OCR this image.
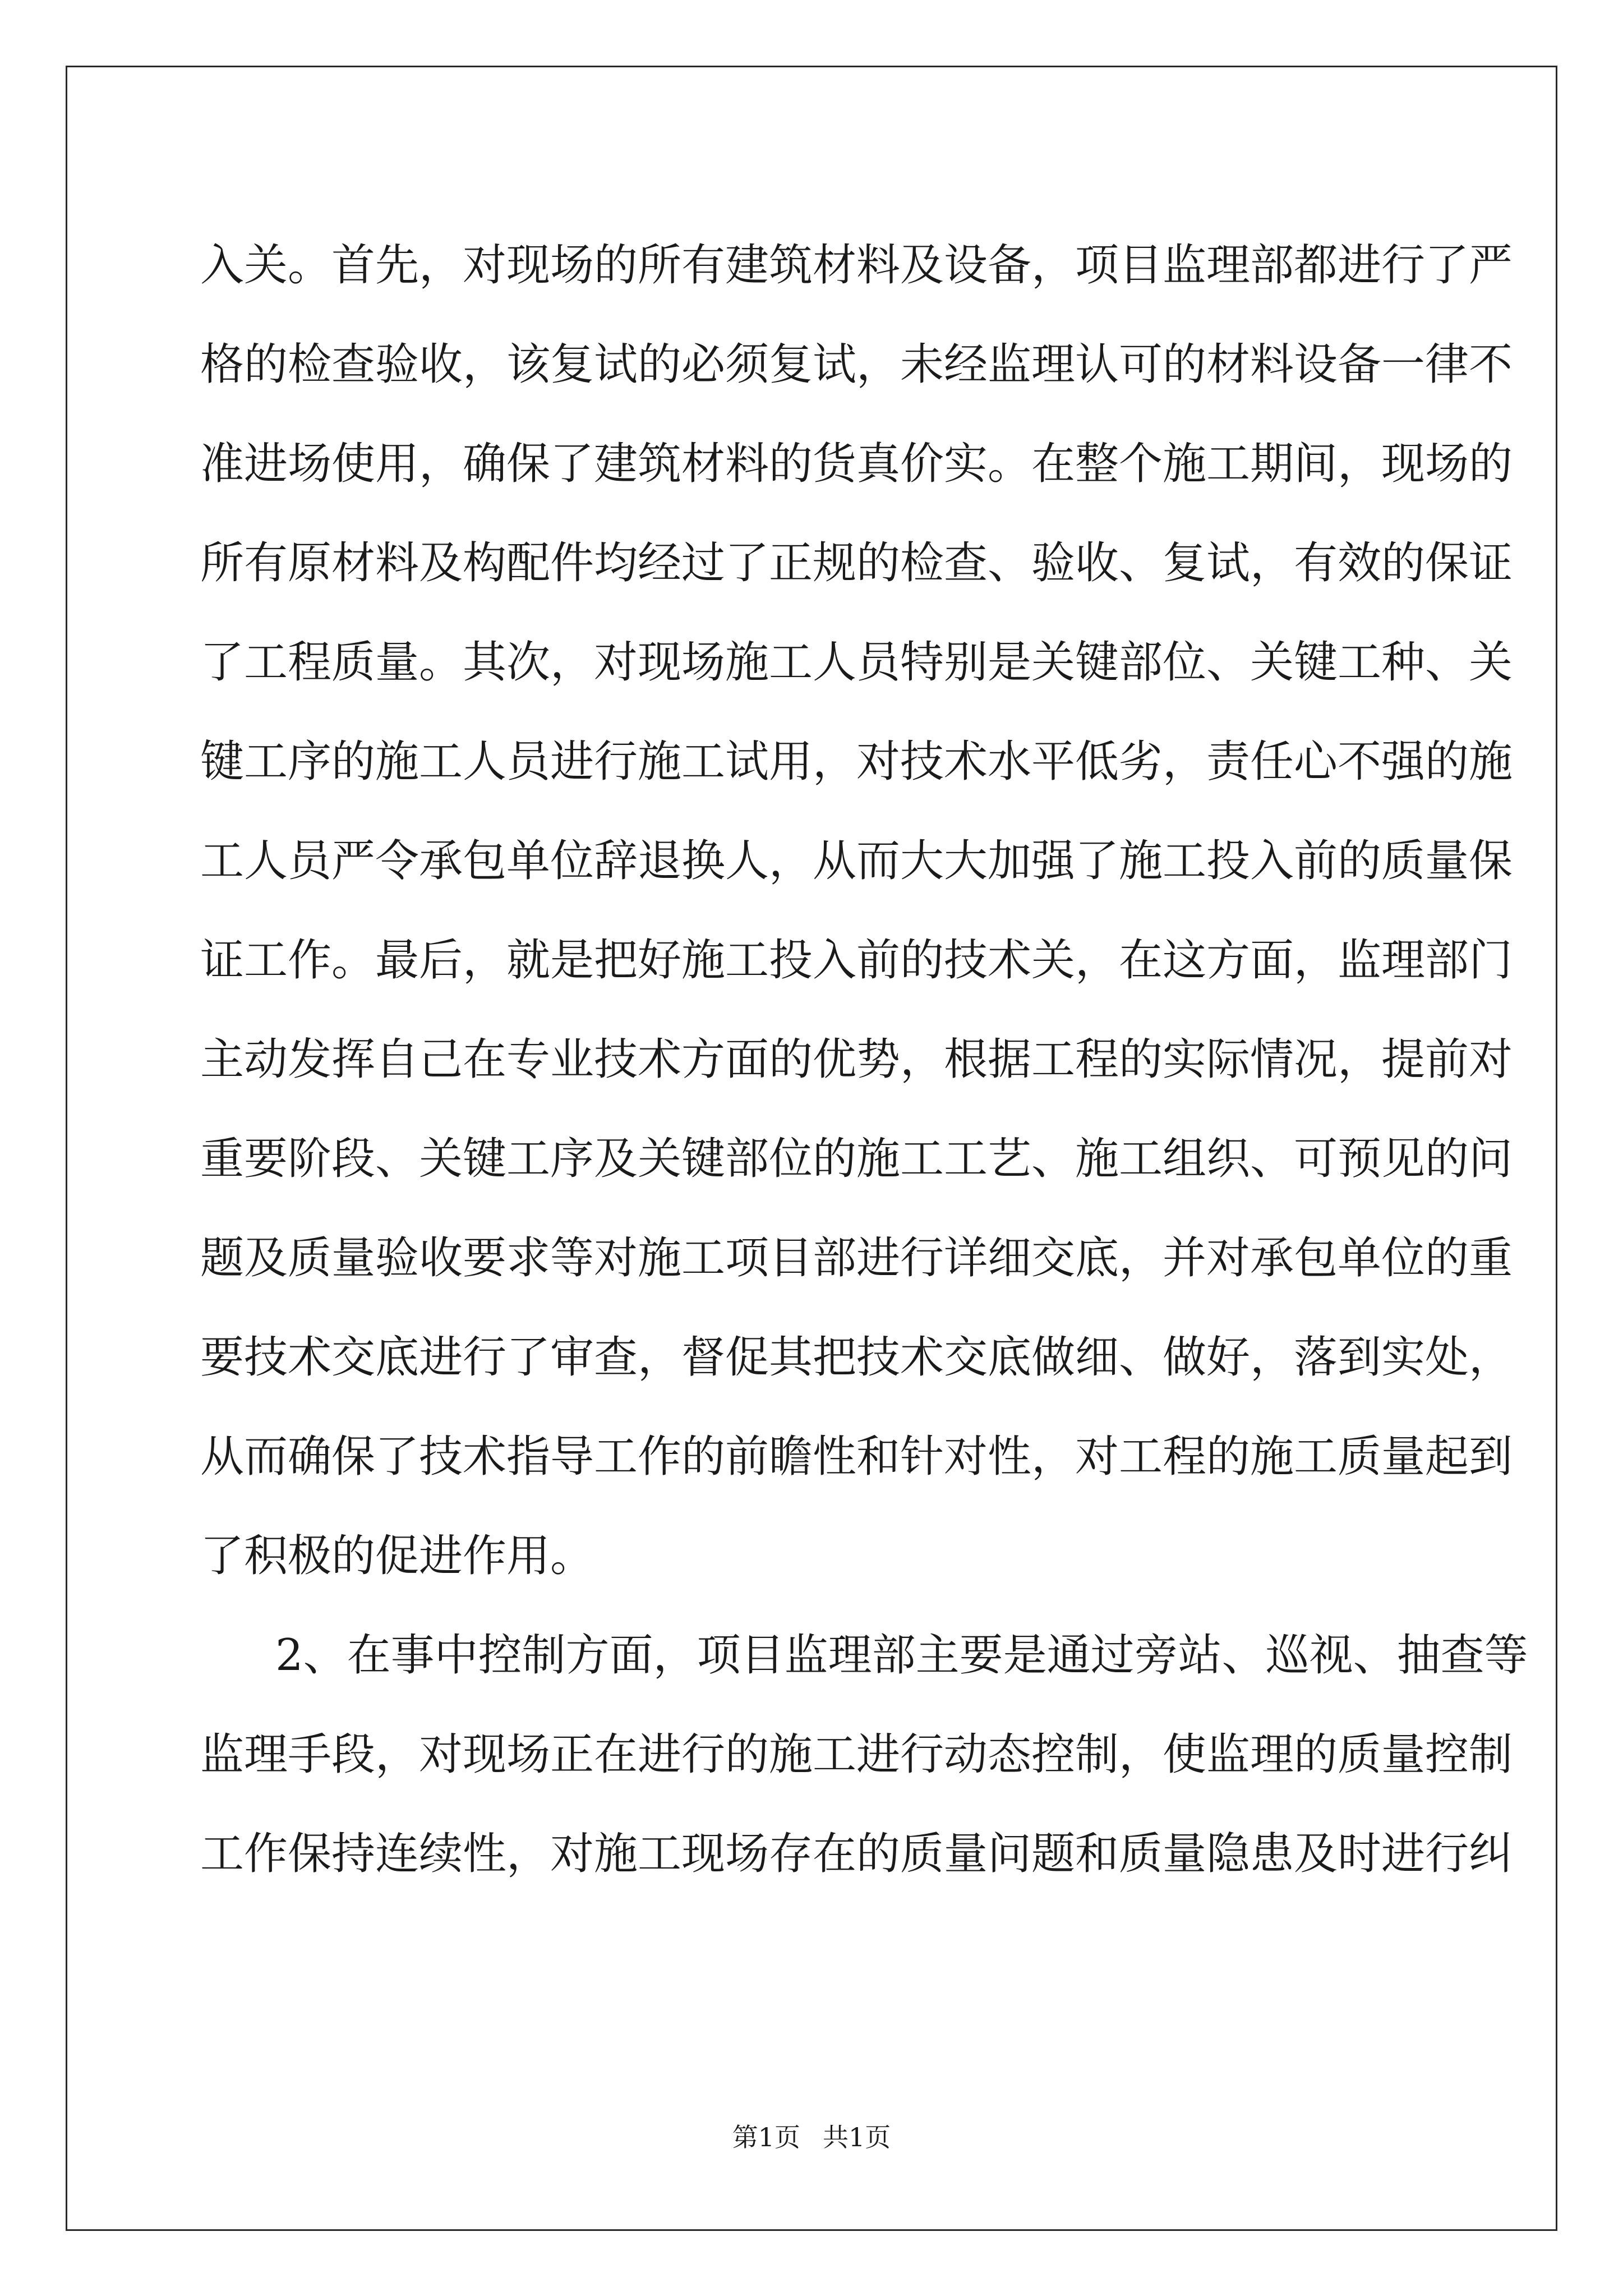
入关。首先，对现场的所有建筑材料及设备，项目监理部都进行了严
格的检查验收，该复试的必须复试，未经监理认可的材料设备一律不
准进场使用，确保了建筑材料的货真价实。在整个施工期间，现场的
所有原材料及构配件均经过了正规的检查、验收、复试，有效的保证
了工程质量。其次，对现场施工人员特别是关键部位、关键工种、关
键工序的施工人员进行施工试用，对技术水平低劣，责任心不强的施
工人员严令承包单位辞退换人，从而大大加强了施工投入前的质量保
证工作。最后，就是把好施工投入前的技术关，在这方面，监理部门
主动发挥自己在专业技术方面的优势，根据工程的实际情况，提前对
重要阶段、关键工序及关键部位的施工工艺、施工组织、可预见的问
题及质量验收要求等对施工项目部进行详细交底，并对承包单位的重
要技术交底进行了审查，督促其把技术交底做细、做好，落到实处，
从而确保了技术指导工作的前瞻性和针对性，对工程的施工质量起到
了积极的促进作用。
2、在事中控制方面，项目监理部主要是通过旁站、巡视、抽查等
监理手段，对现场正在进行的施工进行动态控制，使监理的质量控制
工作保持连续性，对施工现场存在的质量问题和质量隐患及时进行纠
第1页 共1页
